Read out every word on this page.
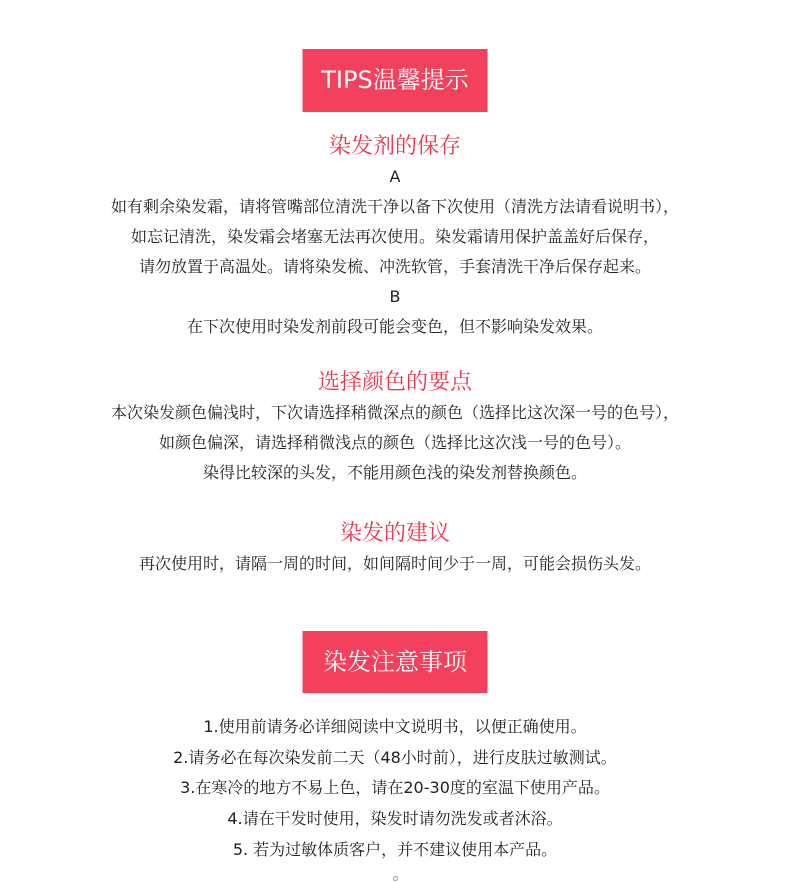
TIPS温馨提示
染发剂的保存
A
如有剩余染发霜，请将管嘴部位清洗干净以备下次使用（清洗方法请看说明书），
如忘记清洗，染发霜会堵塞无法再次使用。染发霜请用保护盖盖好后保存，
请勿放置于高温处。请将染发梳、冲洗软管，手套清洗干净后保存起来。
B
在下次使用时染发剂前段可能会变色，但不影响染发效果。
选择颜色的要点
本次染发颜色偏浅时，下次请选择稍微深点的颜色（选择比这次深一号的色号），
如颜色偏深，请选择稍微浅点的颜色（选择比这次浅一号的色号）。
染得比较深的头发，不能用颜色浅的染发剂替换颜色。
染发的建议
再次使用时，请隔一周的时间，如间隔时间少于一周，可能会损伤头发。
染发注意事项
1.使用前请务必详细阅读中文说明书，以便正确使用。
2.请务必在每次染发前二天（48小时前），进行皮肤过敏测试。
3.在寒冷的地方不易上色，请在20-30度的室温下使用产品。
4.请在干发时使用，染发时请勿洗发或者沐浴。
5. 若为过敏体质客户，并不建议使用本产品。
